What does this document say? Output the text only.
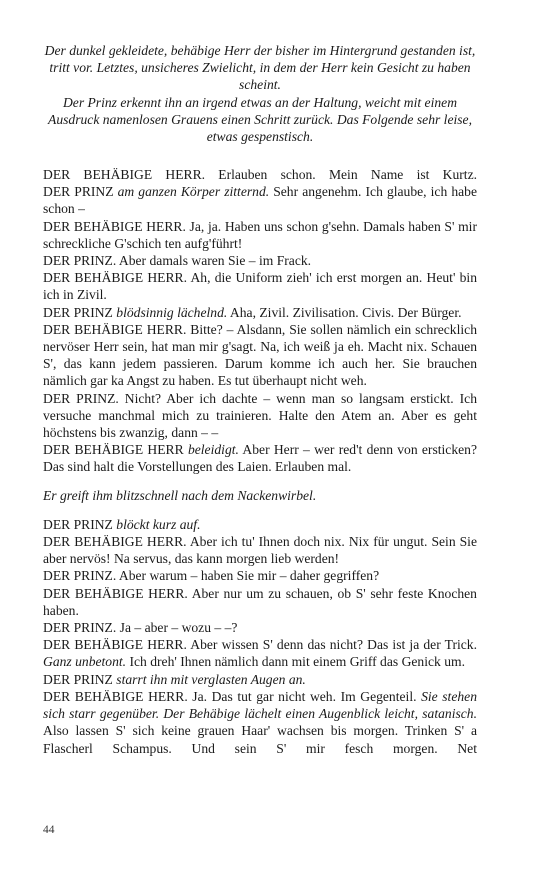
Der dunkel gekleidete, behäbige Herr der bisher im Hintergrund gestanden ist, tritt vor. Letztes, unsicheres Zwielicht, in dem der Herr kein Gesicht zu haben scheint.

Der Prinz erkennt ihn an irgend etwas an der Haltung, weicht mit einem Ausdruck namenlosen Grauens einen Schritt zurück. Das Folgende sehr leise, etwas gespenstisch.

DER BEHÄBIGE HERR. Erlauben schon. Mein Name ist Kurtz.

DER PRINZ am ganzen Körper zitternd. Sehr angenehm. Ich glaube, ich habe schon –

DER BEHÄBIGE HERR. Ja, ja. Haben uns schon g'sehn. Damals haben S' mir schreckliche G'schich ten aufg'führt!

DER PRINZ. Aber damals waren Sie – im Frack.

DER BEHÄBIGE HERR. Ah, die Uniform zieh' ich erst morgen an. Heut' bin ich in Zivil.

DER PRINZ blödsinnig lächelnd. Aha, Zivil. Zivilisation. Civis. Der Bürger.

DER BEHÄBIGE HERR. Bitte? – Alsdann, Sie sollen nämlich ein schrecklich nervöser Herr sein, hat man mir g'sagt. Na, ich weiß ja eh. Macht nix. Schauen S', das kann jedem passieren. Darum komme ich auch her. Sie brauchen nämlich gar ka Angst zu haben. Es tut überhaupt nicht weh.

DER PRINZ. Nicht? Aber ich dachte – wenn man so langsam erstickt. Ich versuche manchmal mich zu trainieren. Halte den Atem an. Aber es geht höchstens bis zwanzig, dann – –

DER BEHÄBIGE HERR beleidigt. Aber Herr – wer red't denn von ersticken? Das sind halt die Vorstellungen des Laien. Erlauben mal.

Er greift ihm blitzschnell nach dem Nackenwirbel.

DER PRINZ blöckt kurz auf.

DER BEHÄBIGE HERR. Aber ich tu' Ihnen doch nix. Nix für ungut. Sein Sie aber nervös! Na servus, das kann morgen lieb werden!

DER PRINZ. Aber warum – haben Sie mir – daher gegriffen?

DER BEHÄBIGE HERR. Aber nur um zu schauen, ob S' sehr feste Knochen haben.

DER PRINZ. Ja – aber – wozu – –?

DER BEHÄBIGE HERR. Aber wissen S' denn das nicht? Das ist ja der Trick. Ganz unbetont. Ich dreh' Ihnen nämlich dann mit einem Griff das Genick um.

DER PRINZ starrt ihn mit verglasten Augen an.

DER BEHÄBIGE HERR. Ja. Das tut gar nicht weh. Im Gegenteil. Sie stehen sich starr gegenüber. Der Behäbige lächelt einen Augenblick leicht, satanisch. Also lassen S' sich keine grauen Haar' wachsen bis morgen. Trinken S' a Flascherl Schampus. Und sein S' mir fesch morgen. Net

44
